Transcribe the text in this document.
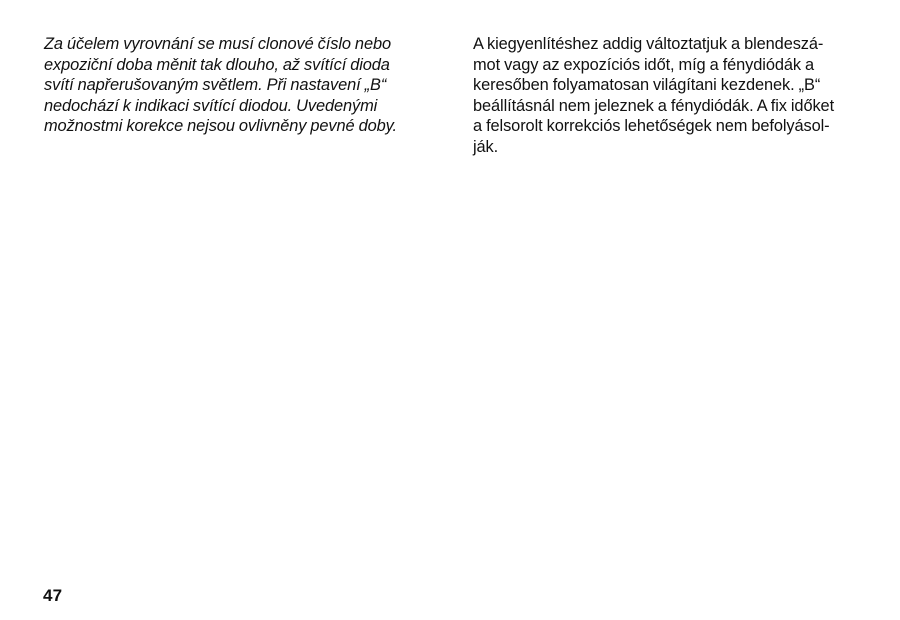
Za účelem vyrovnání se musí clonové číslo nebo
expoziční doba měnit tak dlouho, až svítící dioda
svítí napřerušovaným světlem. Při nastavení „B“
nedochází k indikaci svítící diodou. Uvedenými
možnostmi korekce nejsou ovlivněny pevné doby.
A kiegyenlítéshez addig változtatjuk a blendeszá-
mot vagy az expozíciós időt, míg a fénydiódák a
keresőben folyamatosan világítani kezdenek. „B“
beállításnál nem jeleznek a fénydiódák. A fix időket
a felsorolt korrekciós lehetőségek nem befolyásol-
ják.
47
